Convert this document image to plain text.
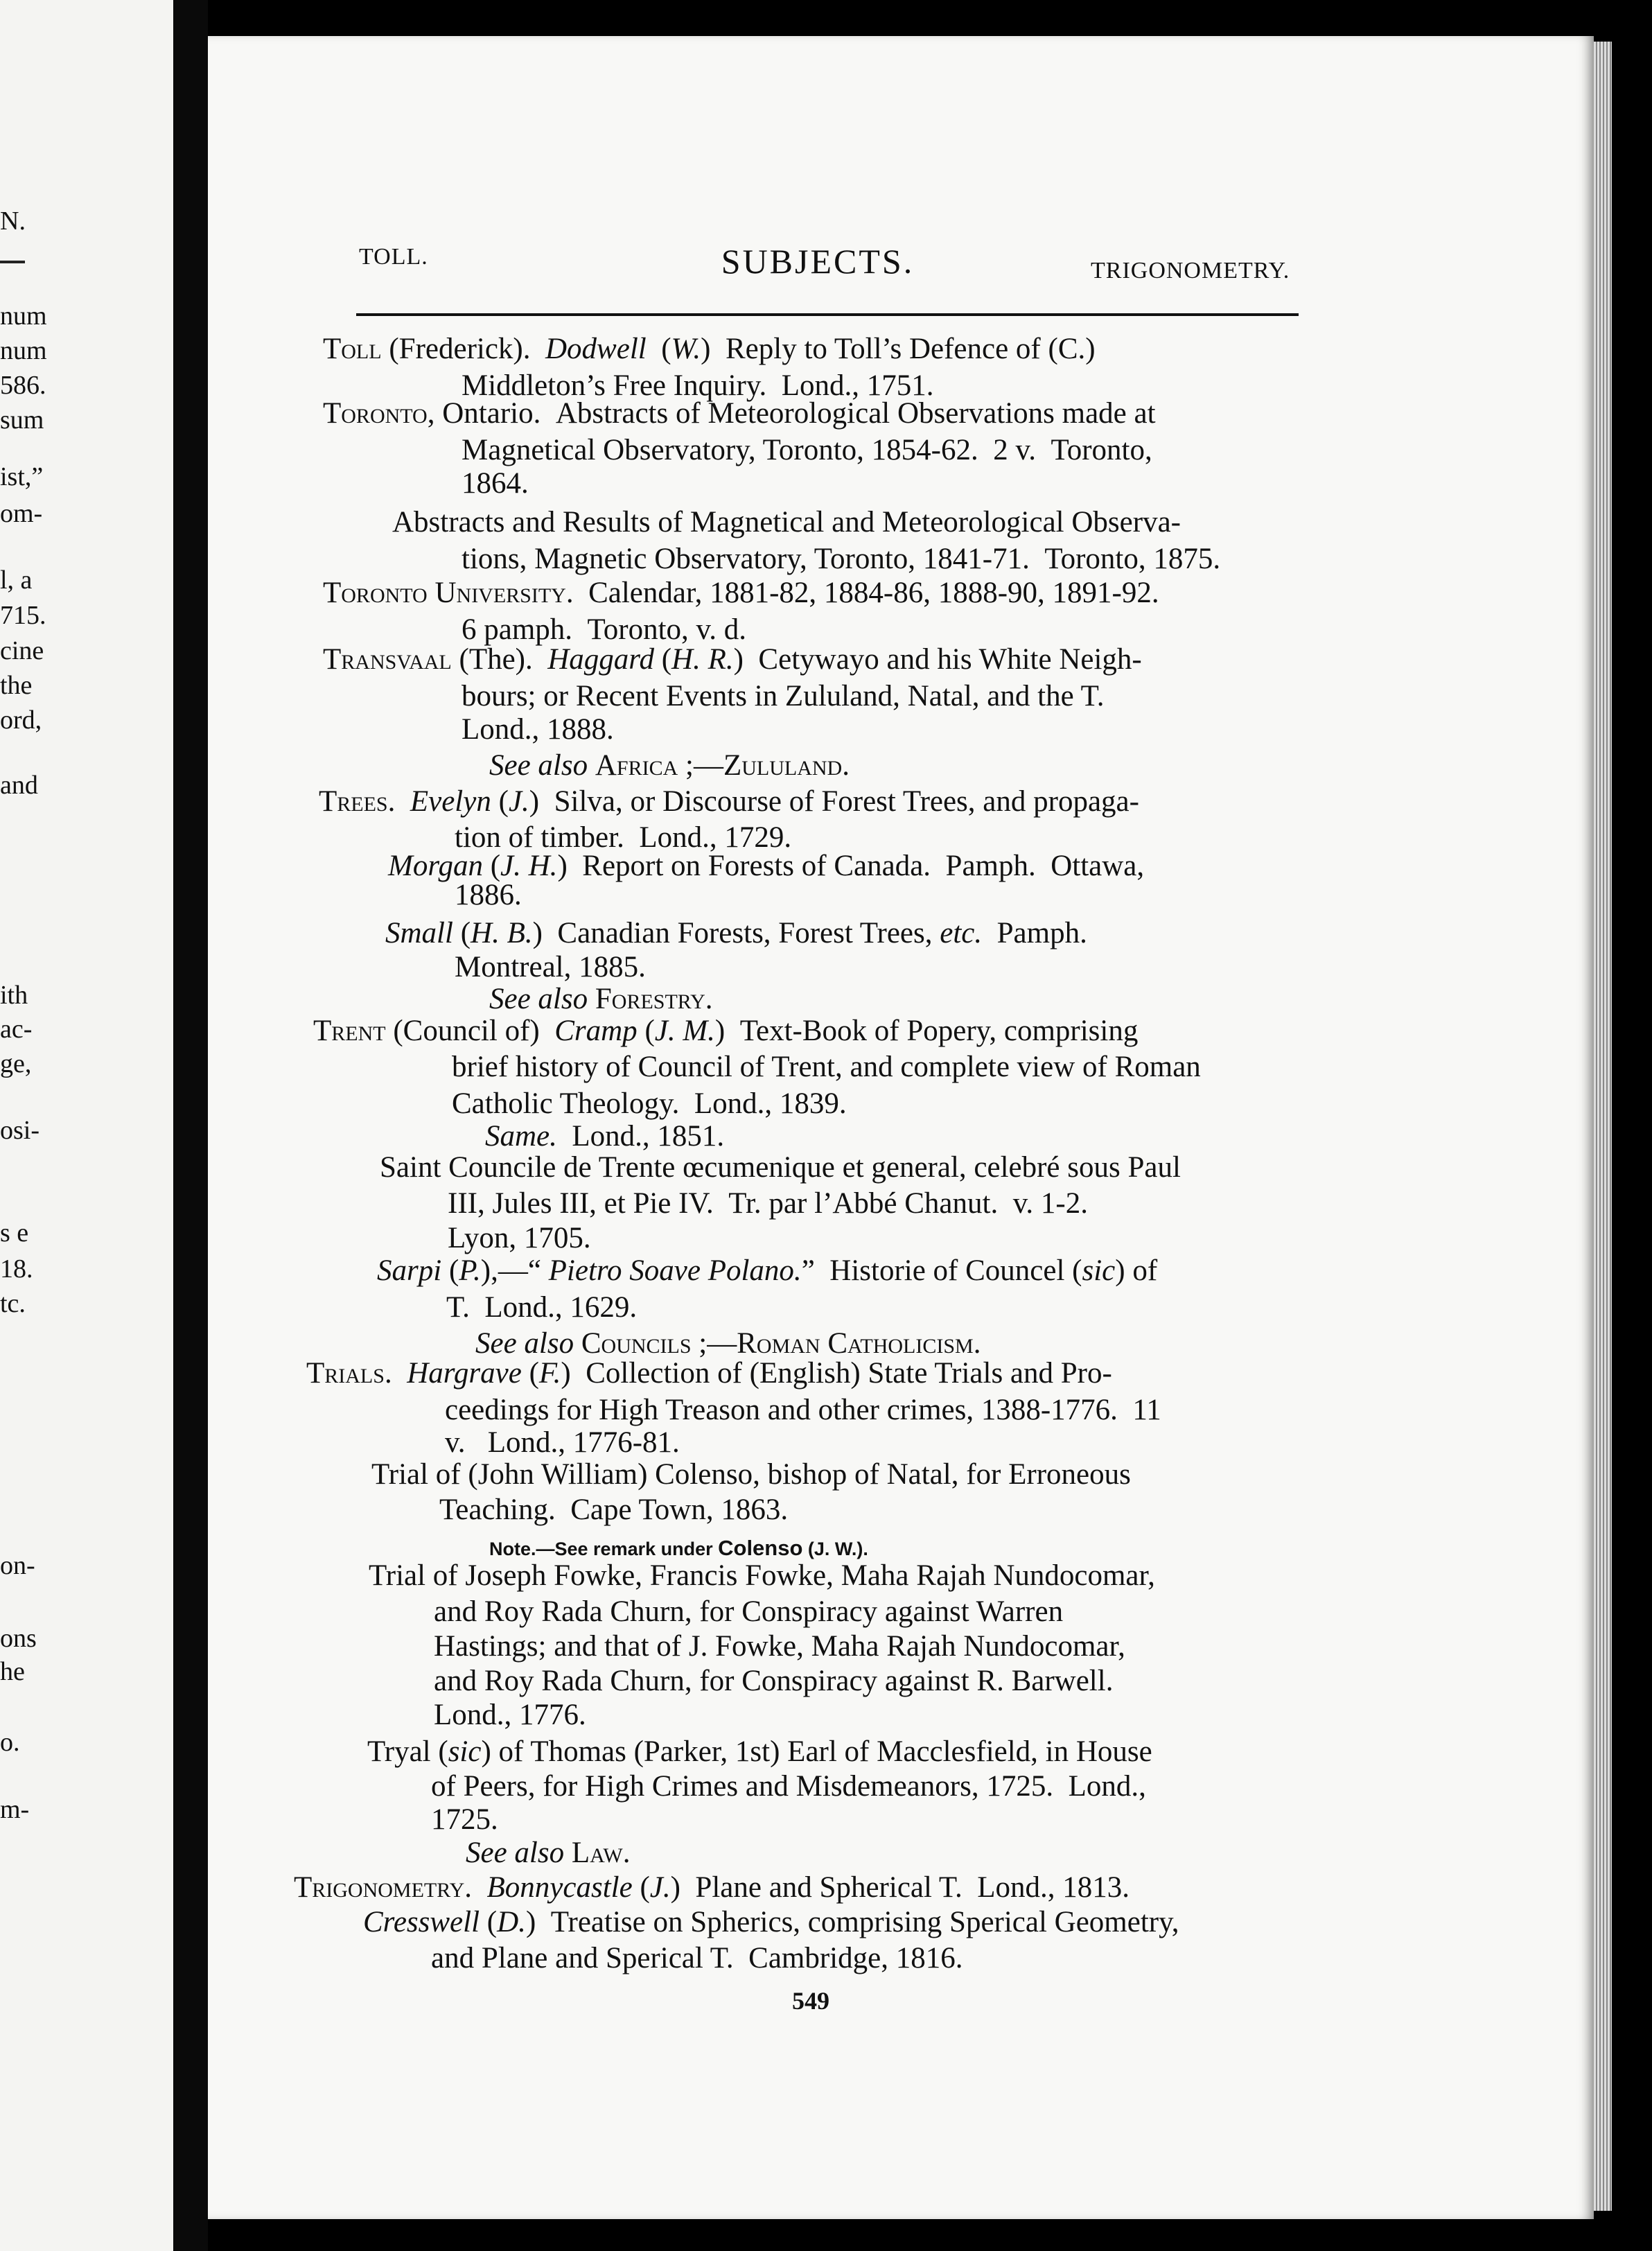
N.
num
num
586.
sum
ist,”
om-
l, a
715.
cine
the
ord,
and
ith
ac-
ge,
osi-
s e
18.
tc.
on-
ons
he
o.
m-
TOLL.	SUBJECTS.	TRIGONOMETRY.
Toll (Frederick).  Dodwell  (W.)  Reply to Toll’s Defence of (C.)
Middleton’s Free Inquiry.  Lond., 1751.
Toronto, Ontario.  Abstracts of Meteorological Observations made at
Magnetical Observatory, Toronto, 1854-62.  2 v.  Toronto,
1864.
Abstracts and Results of Magnetical and Meteorological Observa-
tions, Magnetic Observatory, Toronto, 1841-71.  Toronto, 1875.
Toronto University.  Calendar, 1881-82, 1884-86, 1888-90, 1891-92.
6 pamph.  Toronto, v. d.
Transvaal (The).  Haggard (H. R.)  Cetywayo and his White Neigh-
bours; or Recent Events in Zululand, Natal, and the T.
Lond., 1888.
See also Africa ;—Zululand.
Trees. Evelyn (J.)  Silva, or Discourse of Forest Trees, and propaga-
tion of timber.  Lond., 1729.
Morgan (J. H.)  Report on Forests of Canada.  Pamph.  Ottawa,
1886.
Small (H. B.)  Canadian Forests, Forest Trees, etc.  Pamph.
Montreal, 1885.
See also Forestry.
Trent (Council of)  Cramp (J. M.)  Text-Book of Popery, comprising
brief history of Council of Trent, and complete view of Roman
Catholic Theology.  Lond., 1839.
Same.  Lond., 1851.
Saint Councile de Trente œcumenique et general, celebré sous Paul
III, Jules III, et Pie IV.  Tr. par l’Abbé Chanut.  v. 1-2.
Lyon, 1705.
Sarpi (P.),—“ Pietro Soave Polano.”  Historie of Councel (sic) of
T.  Lond., 1629.
See also Councils ;—Roman Catholicism.
Trials. Hargrave (F.)  Collection of (English) State Trials and Pro-
ceedings for High Treason and other crimes, 1388-1776.  11
v.   Lond., 1776-81.
Trial of (John William) Colenso, bishop of Natal, for Erroneous
Teaching.  Cape Town, 1863.
Note.—See remark under Colenso (J. W.).
Trial of Joseph Fowke, Francis Fowke, Maha Rajah Nundocomar,
and Roy Rada Churn, for Conspiracy against Warren
Hastings; and that of J. Fowke, Maha Rajah Nundocomar,
and Roy Rada Churn, for Conspiracy against R. Barwell.
Lond., 1776.
Tryal (sic) of Thomas (Parker, 1st) Earl of Macclesfield, in House
of Peers, for High Crimes and Misdemeanors, 1725.  Lond.,
1725.
See also Law.
Trigonometry. Bonnycastle (J.)  Plane and Spherical T.  Lond., 1813.
Cresswell (D.)  Treatise on Spherics, comprising Sperical Geometry,
and Plane and Sperical T.  Cambridge, 1816.
549
